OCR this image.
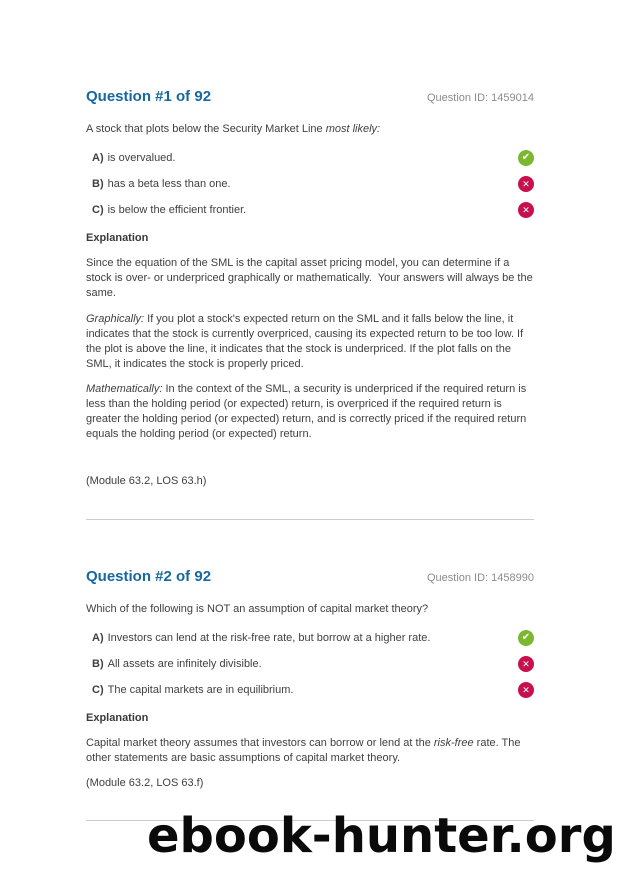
Question #1 of 92	Question ID: 1459014

A stock that plots below the Security Market Line most likely:

A) is overvalued.
✔
B) has a beta less than one.
✕
C) is below the efficient frontier.
✕
Explanation

Since the equation of the SML is the capital asset pricing model, you can determine if a stock is over- or underpriced graphically or mathematically.  Your answers will always be the same.

Graphically: If you plot a stock's expected return on the SML and it falls below the line, it indicates that the stock is currently overpriced, causing its expected return to be too low. If the plot is above the line, it indicates that the stock is underpriced. If the plot falls on the SML, it indicates the stock is properly priced.

Mathematically: In the context of the SML, a security is underpriced if the required return is less than the holding period (or expected) return, is overpriced if the required return is greater the holding period (or expected) return, and is correctly priced if the required return equals the holding period (or expected) return.

(Module 63.2, LOS 63.h)

Question #2 of 92	Question ID: 1458990

Which of the following is NOT an assumption of capital market theory?

A) Investors can lend at the risk-free rate, but borrow at a higher rate.
✔
B) All assets are infinitely divisible.
✕
C) The capital markets are in equilibrium.
✕
Explanation

Capital market theory assumes that investors can borrow or lend at the risk-free rate. The other statements are basic assumptions of capital market theory.

(Module 63.2, LOS 63.f)

ebook-hunter.org
